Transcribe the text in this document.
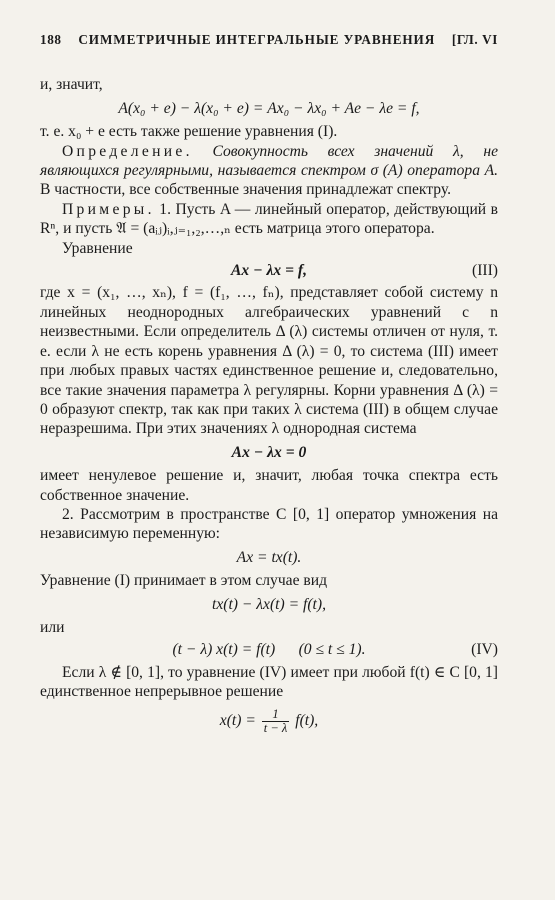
188 СИММЕТРИЧНЫЕ ИНТЕГРАЛЬНЫЕ УРАВНЕНИЯ [ГЛ. VI

и, значит,

A(x₀ + e) − λ(x₀ + e) = Ax₀ − λx₀ + Ae − λe = f,

т. е. x₀ + e есть также решение уравнения (I).

Определение. Совокупность всех значений λ, не являющихся регулярными, называется спектром σ (A) оператора A. В частности, все собственные значения принадлежат спектру.

Примеры. 1. Пусть A — линейный оператор, действующий в Rⁿ, и пусть 𝔄 = (aᵢⱼ)ᵢ,ⱼ₌₁,₂,…,ₙ есть матрица этого оператора.

Уравнение

Ax − λx = f,	(III)

где x = (x₁, …, xₙ), f = (f₁, …, fₙ), представляет собой систему n линейных неоднородных алгебраических уравнений с n неизвестными. Если определитель Δ (λ) системы отличен от нуля, т. е. если λ не есть корень уравнения Δ (λ) = 0, то система (III) имеет при любых правых частях единственное решение и, следовательно, все такие значения параметра λ регулярны. Корни уравнения Δ (λ) = 0 образуют спектр, так как при таких λ система (III) в общем случае неразрешима. При этих значениях λ однородная система

Ax − λx = 0

имеет ненулевое решение и, значит, любая точка спектра есть собственное значение.

2. Рассмотрим в пространстве C [0, 1] оператор умножения на независимую переменную:

Ax = tx(t).

Уравнение (I) принимает в этом случае вид

tx(t) − λx(t) = f(t),

или

(t − λ) x(t) = f(t)      (0 ≤ t ≤ 1).	(IV)

Если λ ∉ [0, 1], то уравнение (IV) имеет при любой f(t) ∈ C [0, 1] единственное непрерывное решение

$x(t) = \frac{1}{t - \lambda} f(t)$,
